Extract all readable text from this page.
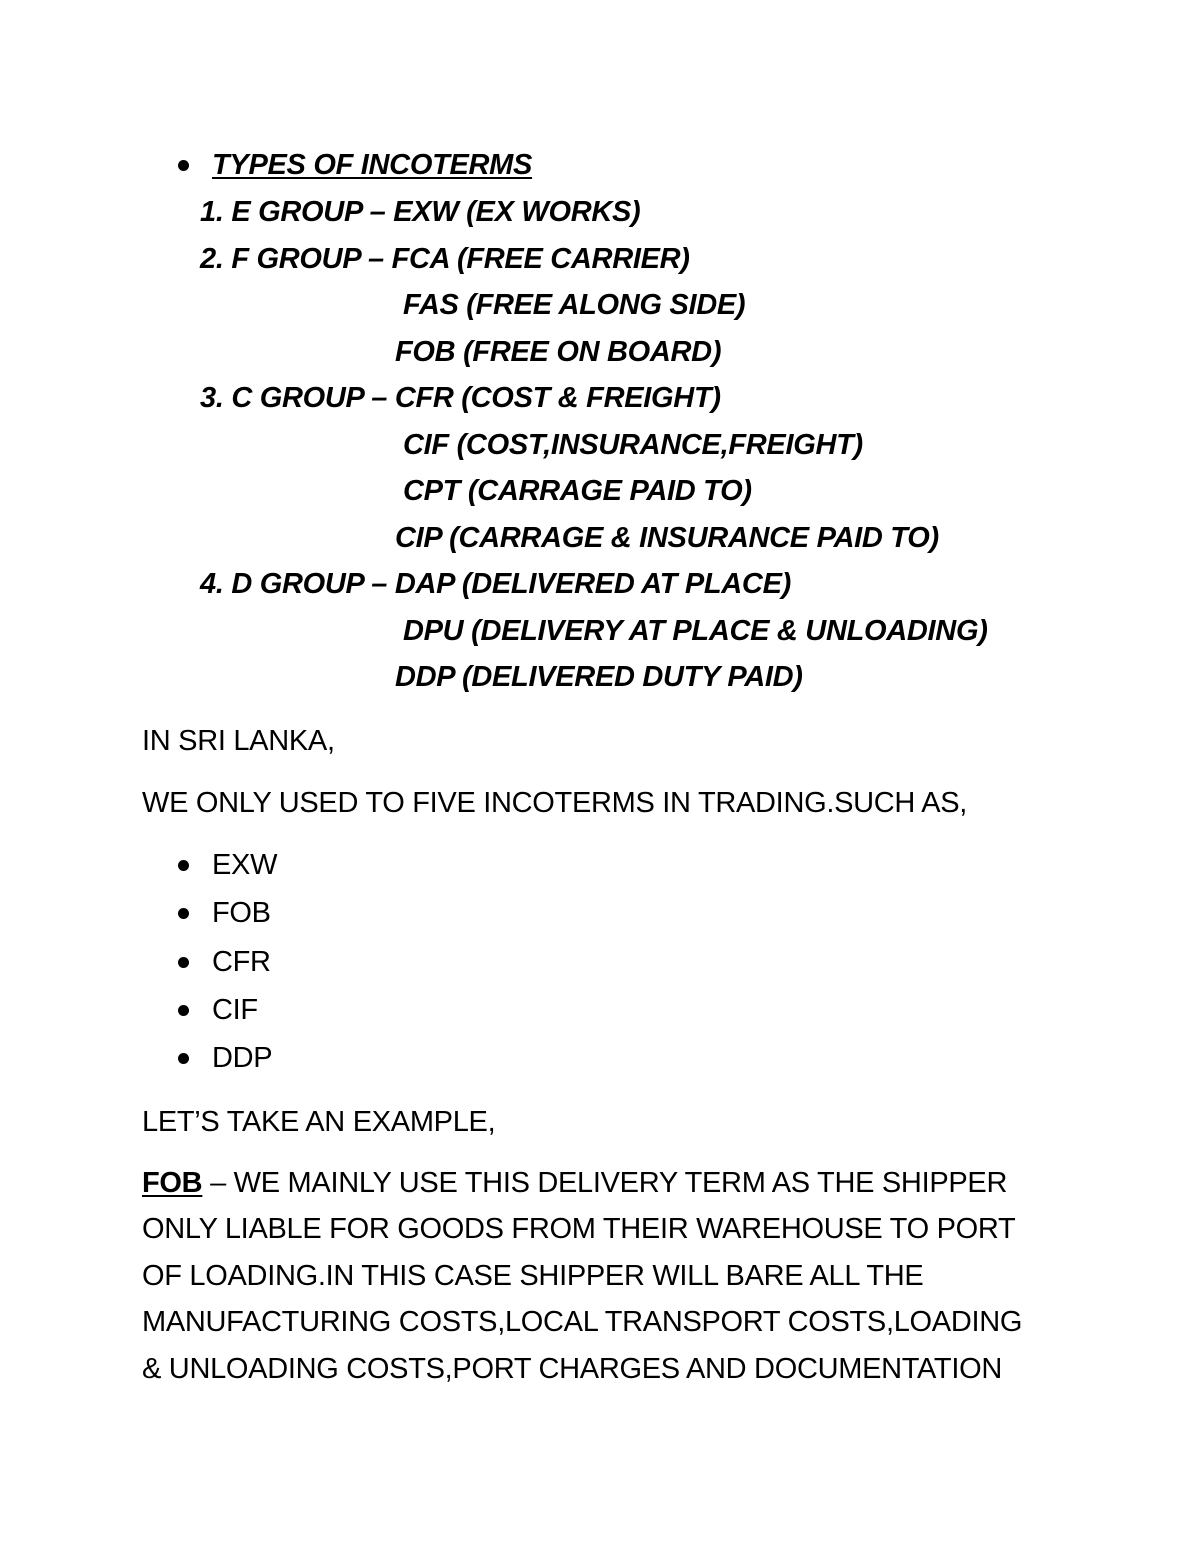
TYPES OF INCOTERMS
1. E GROUP – EXW (EX WORKS)
2. F GROUP – FCA (FREE CARRIER)
FAS (FREE ALONG SIDE)
FOB (FREE ON BOARD)
3. C GROUP – CFR (COST & FREIGHT)
CIF (COST,INSURANCE,FREIGHT)
CPT (CARRAGE PAID TO)
CIP (CARRAGE & INSURANCE PAID TO)
4. D GROUP – DAP (DELIVERED AT PLACE)
DPU (DELIVERY AT PLACE & UNLOADING)
DDP (DELIVERED DUTY PAID)
IN SRI LANKA,
WE ONLY USED TO FIVE INCOTERMS IN TRADING.SUCH AS,
EXW
FOB
CFR
CIF
DDP
LET’S TAKE AN EXAMPLE,
FOB – WE MAINLY USE THIS DELIVERY TERM AS THE SHIPPER
ONLY LIABLE FOR GOODS FROM THEIR WAREHOUSE TO PORT
OF LOADING.IN THIS CASE SHIPPER WILL BARE ALL THE
MANUFACTURING COSTS,LOCAL TRANSPORT COSTS,LOADING
& UNLOADING COSTS,PORT CHARGES AND DOCUMENTATION
